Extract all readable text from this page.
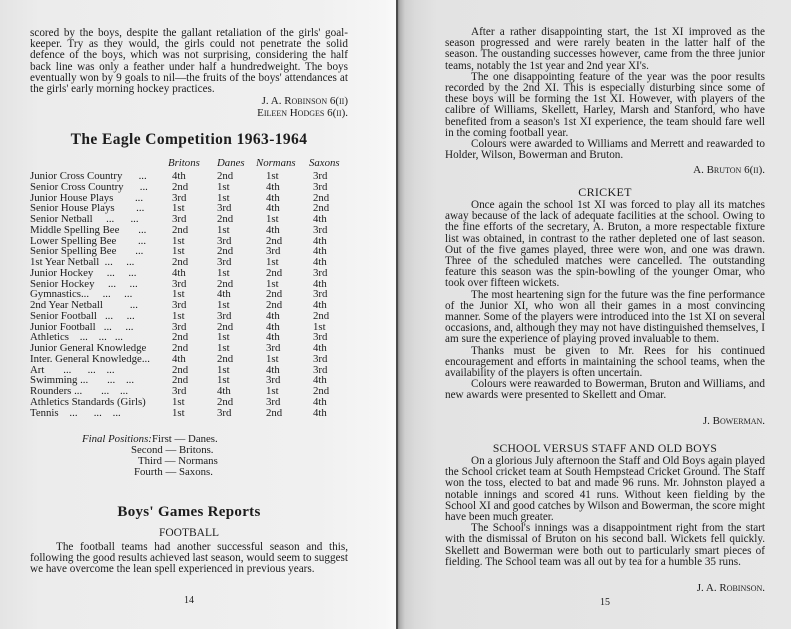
scored by the boys, despite the gallant retaliation of the girls' goal-keeper. Try as they would, the girls could not penetrate the solid defence of the boys, which was not surprising, considering the half back line was only a feather under half a hundredweight. The boys eventually won by 9 goals to nil—the fruits of the boys' attendances at the girls' early morning hockey practices.

J. A. Robinson 6(ii)

Eileen Hodges 6(ii).

The Eagle Competition 1963-1964
Britons Danes Normans Saxons
Junior Cross Country      ... 4th	2nd	1st	3rd
Senior Cross Country      ... 2nd	1st	4th	3rd
Junior House Plays        ...	3rd	1st	4th	2nd
Senior House Plays        ...	1st	3rd	4th	2nd
Senior Netball     ...      ...	3rd	2nd	1st	4th
Middle Spelling Bee       ... 2nd	1st	4th	3rd
Lower Spelling Bee        ... 1st	3rd	2nd	4th
Senior Spelling Bee       ...	1st	2nd	3rd	4th
1st Year Netball  ...     ...	2nd	3rd	1st	4th
Junior Hockey     ...     ...	4th	1st	2nd	3rd
Senior Hockey     ...     ...	3rd	2nd	1st	4th
Gymnastics...     ...     ...	1st	4th	2nd	3rd
2nd Year Netball          ...	3rd	1st	2nd	4th
Senior Football   ...     ...	1st	3rd	4th	2nd
Junior Football   ...     ...	3rd	2nd	4th	1st
Athletics    ...    ...   ...	2nd	1st	4th	3rd
Junior General Knowledge 2nd	1st	3rd	4th
Inter. General Knowledge... 4th	2nd	1st	3rd
Art       ...      ...    ...	2nd	1st	4th	3rd
Swimming ...       ...    ...	2nd	1st	3rd	4th
Rounders ...       ...    ...	3rd	4th	1st	2nd
Athletics Standards (Girls) 1st	2nd	3rd	4th
Tennis    ...      ...    ...	1st	3rd	2nd	4th
Final Positions: First — Danes.
Second — Britons.
Third — Normans
Fourth — Saxons.
Boys' Games Reports
FOOTBALL

The football teams had another successful season and this, following the good results achieved last season, would seem to suggest we have overcome the lean spell experienced in previous years.

14

After a rather disappointing start, the 1st XI improved as the season progressed and were rarely beaten in the latter half of the season. The oustanding successes however, came from the three junior teams, notably the 1st year and 2nd year XI's.

The one disappointing feature of the year was the poor results recorded by the 2nd XI. This is especially disturbing since some of these boys will be forming the 1st XI. However, with players of the calibre of Williams, Skellett, Harley, Marsh and Stanford, who have benefited from a season's 1st XI experience, the team should fare well in the coming football year.

Colours were awarded to Williams and Merrett and reawarded to Holder, Wilson, Bowerman and Bruton.

A. Bruton 6(ii).

CRICKET

Once again the school 1st XI was forced to play all its matches away because of the lack of adequate facilities at the school. Owing to the fine efforts of the secretary, A. Bruton, a more respectable fixture list was obtained, in contrast to the rather depleted one of last season. Out of the five games played, three were won, and one was drawn. Three of the scheduled matches were cancelled. The outstanding feature this season was the spin-bowling of the younger Omar, who took over fifteen wickets.

The most heartening sign for the future was the fine performance of the Junior XI, who won all their games in a most convincing manner. Some of the players were introduced into the 1st XI on several occasions, and, although they may not have distinguished themselves, I am sure the experience of playing proved invaluable to them.

Thanks must be given to Mr. Rees for his continued encouragement and efforts in maintaining the school teams, when the availability of the players is often uncertain.

Colours were reawarded to Bowerman, Bruton and Williams, and new awards were presented to Skellett and Omar.

J. Bowerman.

SCHOOL VERSUS STAFF AND OLD BOYS

On a glorious July afternoon the Staff and Old Boys again played the School cricket team at South Hempstead Cricket Ground. The Staff won the toss, elected to bat and made 96 runs. Mr. Johnston played a notable innings and scored 41 runs. Without keen fielding by the School XI and good catches by Wilson and Bowerman, the score might have been much greater.

The School's innings was a disappointment right from the start with the dismissal of Bruton on his second ball. Wickets fell quickly. Skellett and Bowerman were both out to particularly smart pieces of fielding. The School team was all out by tea for a humble 35 runs.

J. A. Robinson.

15
